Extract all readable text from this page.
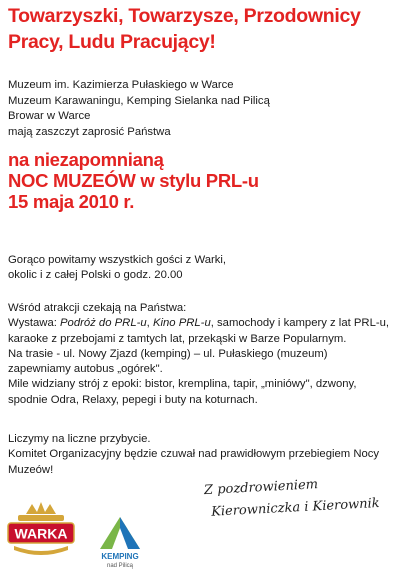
Towarzyszki, Towarzysze, Przodownicy
Pracy, Ludu Pracujący!
Muzeum im. Kazimierza Pułaskiego w Warce
Muzeum Karawaningu, Kemping Sielanka nad Pilicą
Browar w Warce
mają zaszczyt zaprosić Państwa
na niezapomnianą
NOC MUZEÓW w stylu PRL-u
15 maja 2010 r.
Gorąco powitamy wszystkich gości z Warki,
okolic i z całej Polski o godz. 20.00
Wśród atrakcji czekają na Państwa:
Wystawa: Podróż do PRL-u, Kino PRL-u, samochody i kampery z lat PRL-u,
karaoke z przebojami z tamtych lat, przekąski w Barze Popularnym.
Na trasie - ul. Nowy Zjazd (kemping) – ul. Pułaskiego (muzeum)
zapewniamy autobus „ogórek".
Mile widziany strój z epoki: bistor, kremplina, tapir, „miniówy", dzwony,
spodnie Odra, Relaxy, pepegi i buty na koturnach.
Liczymy na liczne przybycie.
Komitet Organizacyjny będzie czuwał nad prawidłowym przebiegiem Nocy
Muzeów!
Z pozdrowieniem
Kierowniczka i Kierownik
WARKA
KEMPING
nad Pilicą
